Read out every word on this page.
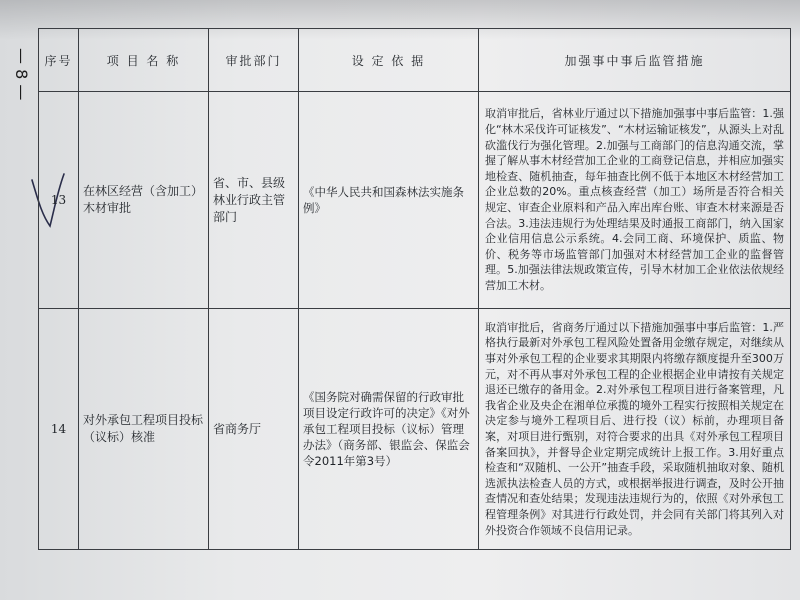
— 8 — 序号	项 目 名 称	审批部门	设 定 依 据	加强事中事后监管措施
13	在林区经营（含加工）木材审批	省、市、县级林业行政主管部门	《中华人民共和国森林法实施条例》	取消审批后，省林业厅通过以下措施加强事中事后监管：1.强化“林木采伐许可证核发”、“木材运输证核发”，从源头上对乱砍滥伐行为强化管理。2.加强与工商部门的信息沟通交流，掌握了解从事木材经营加工企业的工商登记信息，并相应加强实地检查、随机抽查，每年抽查比例不低于本地区木材经营加工企业总数的20%。重点核查经营（加工）场所是否符合相关规定、审查企业原料和产品入库出库台账、审查木材来源是否合法。3.违法违规行为处理结果及时通报工商部门，纳入国家企业信用信息公示系统。4.会同工商、环境保护、质监、物价、税务等市场监管部门加强对木材经营加工企业的监督管理。5.加强法律法规政策宣传，引导木材加工企业依法依规经营加工木材。
14	对外承包工程项目投标（议标）核准	省商务厅	《国务院对确需保留的行政审批项目设定行政许可的决定》《对外承包工程项目投标（议标）管理办法》（商务部、银监会、保监会令2011年第3号）	取消审批后，省商务厅通过以下措施加强事中事后监管：1.严格执行最新对外承包工程风险处置备用金缴存规定，对继续从事对外承包工程的企业要求其期限内将缴存额度提升至300万元，对不再从事对外承包工程的企业根据企业申请按有关规定退还已缴存的备用金。2.对外承包工程项目进行备案管理，凡我省企业及央企在湘单位承揽的境外工程实行按照相关规定在决定参与境外工程项目后、进行投（议）标前，办理项目备案，对项目进行甄别，对符合要求的出具《对外承包工程项目备案回执》，并督导企业定期完成统计上报工作。3.用好重点检查和“双随机、一公开”抽查手段，采取随机抽取对象、随机选派执法检查人员的方式，或根据举报进行调查，及时公开抽查情况和查处结果；发现违法违规行为的，依照《对外承包工程管理条例》对其进行行政处罚，并会同有关部门将其列入对外投资合作领域不良信用记录。
